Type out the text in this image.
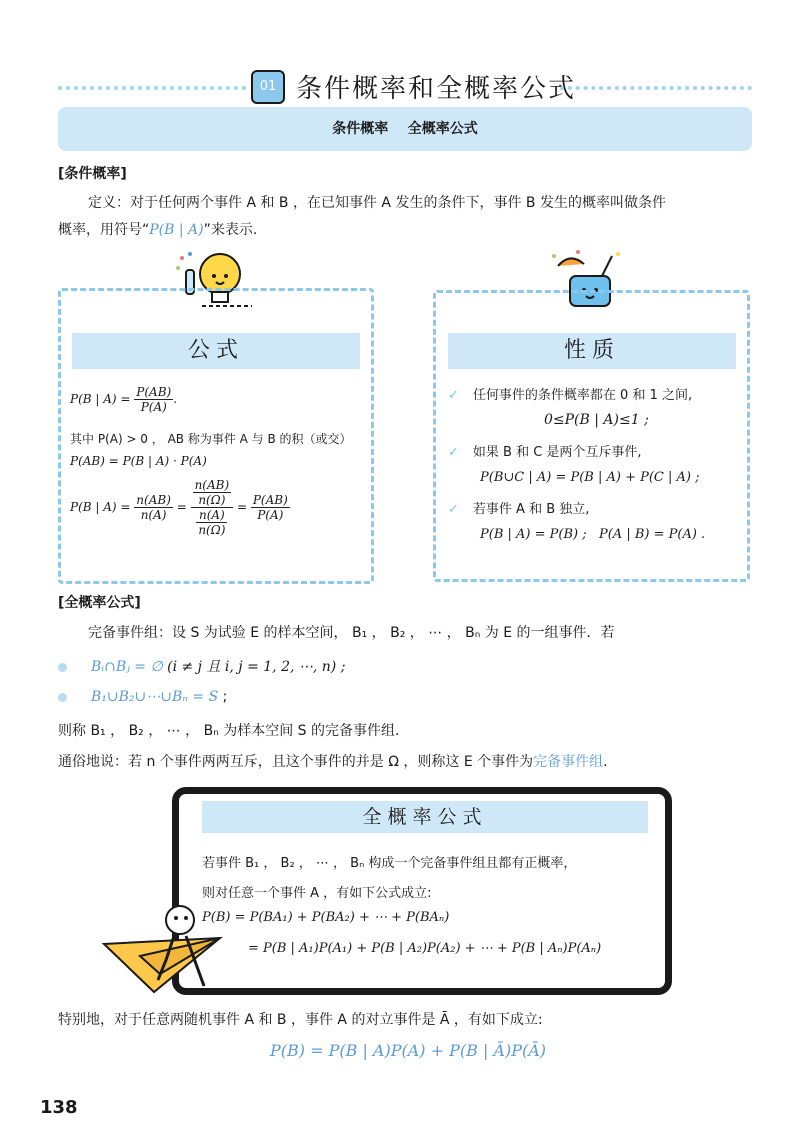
01 条件概率和全概率公式
条件概率    全概率公式
[条件概率]
定义：对于任何两个事件 A 和 B ，在已知事件 A 发生的条件下，事件 B 发生的概率叫做条件
概率，用符号“P(B | A)”来表示.
公式
P(B | $A) = \frac{P(AB)}{P(A)}$ .
其中 P(A) > 0 ， AB 称为事件 A 与 B 的积（或交）
P(AB) = P(B | A) · P(A)
P(B | $A) = \frac{n(AB)}{n(A)} = \frac{\frac{n(AB)}{n(\Omega)}}{\frac{n(A)}{n(\Omega)}} = \frac{P(AB)}{P(A)}$
性质
✓ 任何事件的条件概率都在 0 和 1 之间,
0≤P(B | A)≤1 ;
✓ 如果 B 和 C 是两个互斥事件,
P(B∪C | A) = P(B | A) + P(C | A) ;
✓ 若事件 A 和 B 独立,
P(B | A) = P(B) ;   P(A | B) = P(A) .
[全概率公式]
完备事件组：设 S 为试验 E 的样本空间， B₁ ， B₂ ， ⋯ ， Bₙ 为 E 的一组事件．若
Bᵢ∩Bⱼ = ∅ (i ≠ j 且 i, j = 1, 2, ⋯, n) ;
B₁∪B₂∪⋯∪Bₙ = S ;
则称 B₁ ， B₂ ， ⋯ ， Bₙ 为样本空间 S 的完备事件组．
通俗地说：若 n 个事件两两互斥，且这个事件的并是 Ω ，则称这 E 个事件为完备事件组.
全概率公式
若事件 B₁ ， B₂ ， ⋯ ， Bₙ 构成一个完备事件组且都有正概率，
则对任意一个事件 A ，有如下公式成立:
P(B) = P(BA₁) + P(BA₂) + ⋯ + P(BAₙ)
= P(B | A₁)P(A₁) + P(B | A₂)P(A₂) + ⋯ + P(B | Aₙ)P(Aₙ)
特别地，对于任意两随机事件 A 和 B ，事件 A 的对立事件是 Ā ，有如下成立:
P(B) = P(B | A)P(A) + P(B | Ā)P(Ā)
138
